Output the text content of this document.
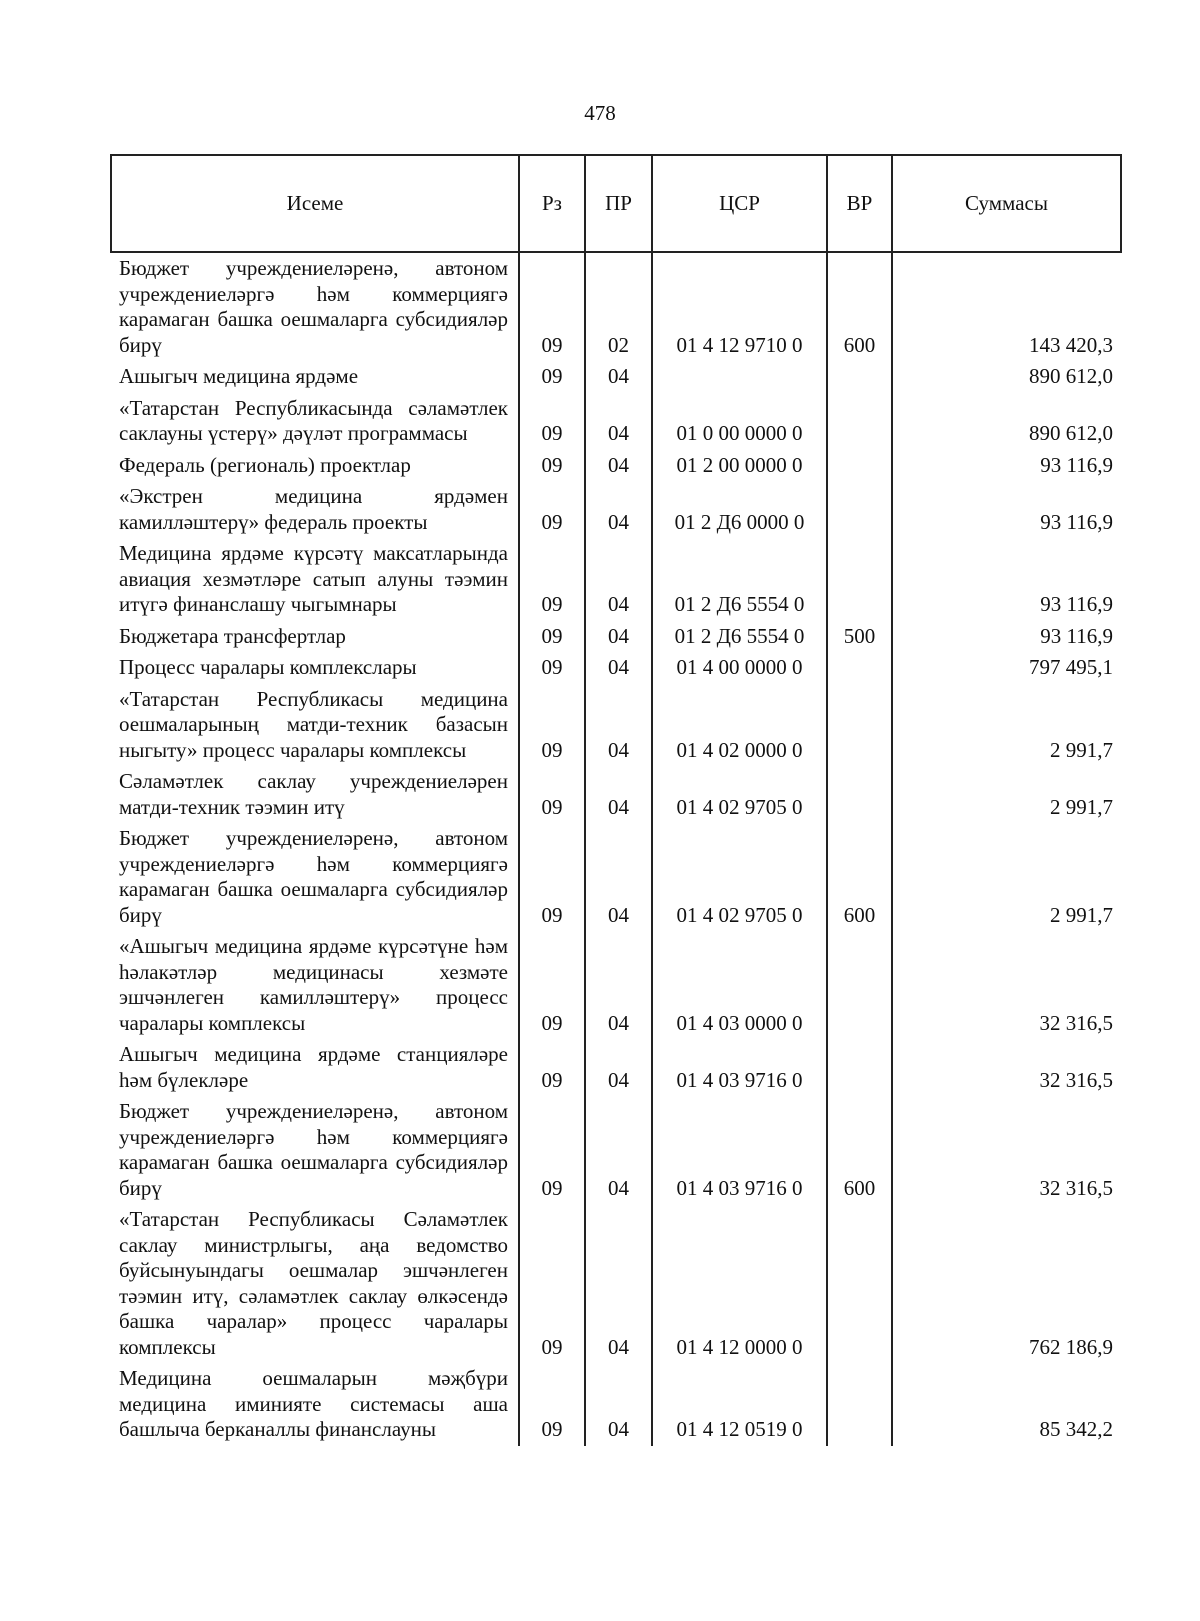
478
Исеме	Рз	ПР	ЦСР	ВР	Суммасы
Бюджет учреждениеләренә, автоном учреждениеләргә һәм коммерциягә карамаган башка оешмаларга субсидияләр бирү	09	02	01 4 12 9710 0	600	143 420,3
Ашыгыч медицина ярдәме	09	04			890 612,0
«Татарстан Республикасында сәламәтлек саклауны үстерү» дәүләт программасы	09	04	01 0 00 0000 0		890 612,0
Федераль (региональ) проектлар	09	04	01 2 00 0000 0		93 116,9
«Экстрен медицина ярдәмен камилләштерү» федераль проекты	09	04	01 2 Д6 0000 0		93 116,9
Медицина ярдәме күрсәтү максатларында авиация хезмәтләре сатып алуны тәэмин итүгә финанслашу чыгымнары	09	04	01 2 Д6 5554 0		93 116,9
Бюджетара трансфертлар	09	04	01 2 Д6 5554 0	500	93 116,9
Процесс чаралары комплекслары	09	04	01 4 00 0000 0		797 495,1
«Татарстан Республикасы медицина оешмаларының матди-техник базасын ныгыту» процесс чаралары комплексы	09	04	01 4 02 0000 0		2 991,7
Сәламәтлек саклау учреждениеләрен матди-техник тәэмин итү	09	04	01 4 02 9705 0		2 991,7
Бюджет учреждениеләренә, автоном учреждениеләргә һәм коммерциягә карамаган башка оешмаларга субсидияләр бирү	09	04	01 4 02 9705 0	600	2 991,7
«Ашыгыч медицина ярдәме күрсәтүне һәм һәлакәтләр медицинасы хезмәте эшчәнлеген камилләштерү» процесс чаралары комплексы	09	04	01 4 03 0000 0		32 316,5
Ашыгыч медицина ярдәме станцияләре һәм бүлекләре	09	04	01 4 03 9716 0		32 316,5
Бюджет учреждениеләренә, автоном учреждениеләргә һәм коммерциягә карамаган башка оешмаларга субсидияләр бирү	09	04	01 4 03 9716 0	600	32 316,5
«Татарстан Республикасы Сәламәтлек саклау министрлыгы, аңа ведомство буйсынуындагы оешмалар эшчәнлеген тәэмин итү, сәламәтлек саклау өлкәсендә башка чаралар» процесс чаралары комплексы	09	04	01 4 12 0000 0		762 186,9
Медицина оешмаларын мәҗбүри медицина иминияте системасы аша башлыча берканаллы финанслауны	09	04	01 4 12 0519 0		85 342,2
